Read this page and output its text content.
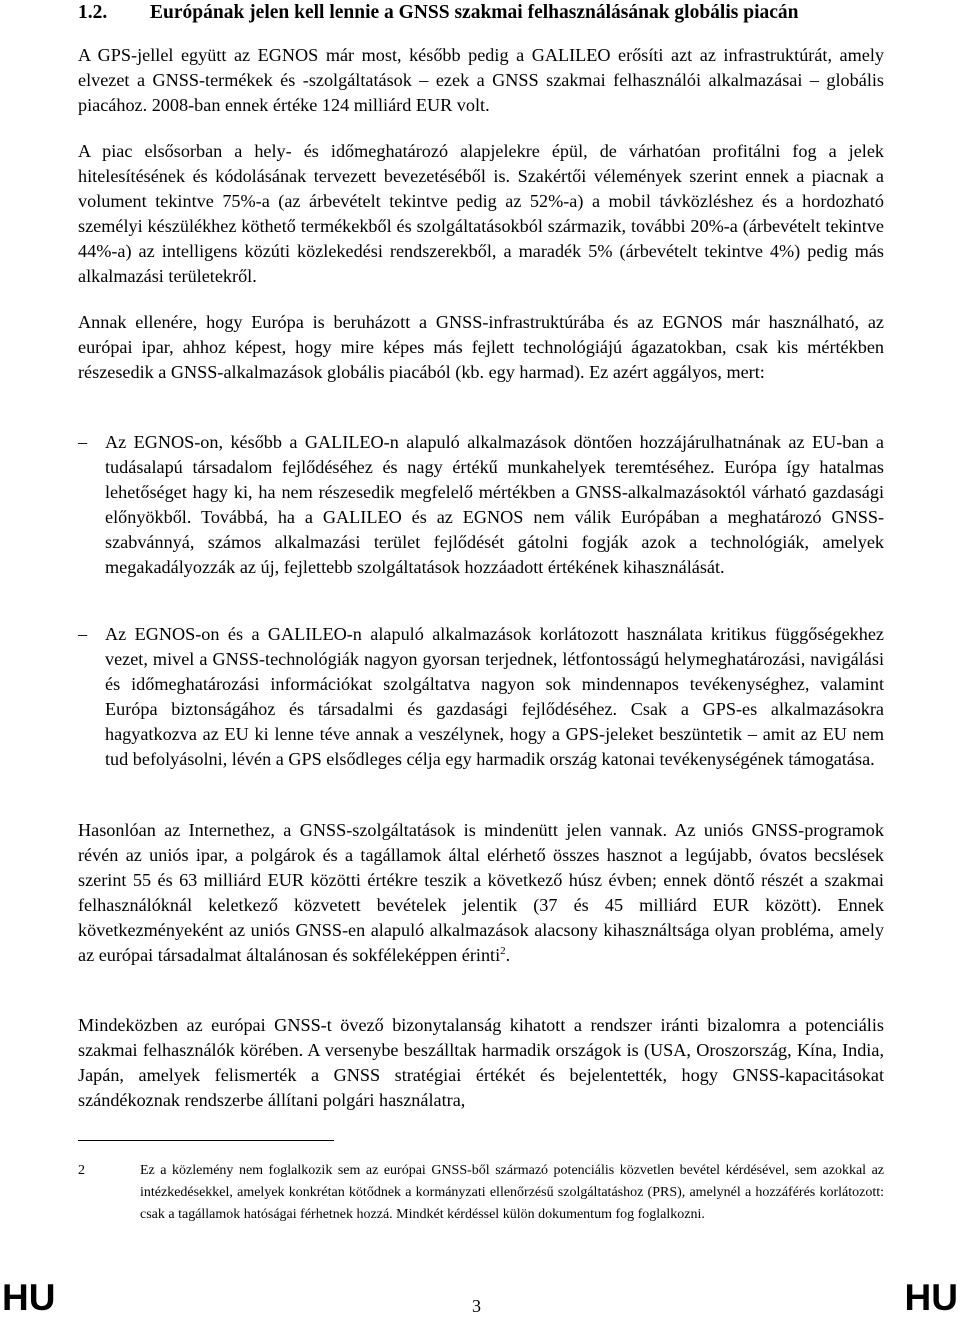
1.2. Európának jelen kell lennie a GNSS szakmai felhasználásának globális piacán
A GPS-jellel együtt az EGNOS már most, később pedig a GALILEO erősíti azt az infrastruktúrát, amely elvezet a GNSS-termékek és -szolgáltatások – ezek a GNSS szakmai felhasználói alkalmazásai – globális piacához. 2008-ban ennek értéke 124 milliárd EUR volt.
A piac elsősorban a hely- és időmeghatározó alapjelekre épül, de várhatóan profitálni fog a jelek hitelesítésének és kódolásának tervezett bevezetéséből is. Szakértői vélemények szerint ennek a piacnak a volument tekintve 75%-a (az árbevételt tekintve pedig az 52%-a) a mobil távközléshez és a hordozható személyi készülékhez köthető termékekből és szolgáltatásokból származik, további 20%-a (árbevételt tekintve 44%-a) az intelligens közúti közlekedési rendszerekből, a maradék 5% (árbevételt tekintve 4%) pedig más alkalmazási területekről.
Annak ellenére, hogy Európa is beruházott a GNSS-infrastruktúrába és az EGNOS már használható, az európai ipar, ahhoz képest, hogy mire képes más fejlett technológiájú ágazatokban, csak kis mértékben részesedik a GNSS-alkalmazások globális piacából (kb. egy harmad). Ez azért aggályos, mert:
– Az EGNOS-on, később a GALILEO-n alapuló alkalmazások döntően hozzájárulhatnának az EU-ban a tudásalapú társadalom fejlődéséhez és nagy értékű munkahelyek teremtéséhez. Európa így hatalmas lehetőséget hagy ki, ha nem részesedik megfelelő mértékben a GNSS-alkalmazásoktól várható gazdasági előnyökből. Továbbá, ha a GALILEO és az EGNOS nem válik Európában a meghatározó GNSS-szabvánnyá, számos alkalmazási terület fejlődését gátolni fogják azok a technológiák, amelyek megakadályozzák az új, fejlettebb szolgáltatások hozzáadott értékének kihasználását.
– Az EGNOS-on és a GALILEO-n alapuló alkalmazások korlátozott használata kritikus függőségekhez vezet, mivel a GNSS-technológiák nagyon gyorsan terjednek, létfontosságú helymeghatározási, navigálási és időmeghatározási információkat szolgáltatva nagyon sok mindennapos tevékenységhez, valamint Európa biztonságához és társadalmi és gazdasági fejlődéséhez. Csak a GPS-es alkalmazásokra hagyatkozva az EU ki lenne téve annak a veszélynek, hogy a GPS-jeleket beszüntetik – amit az EU nem tud befolyásolni, lévén a GPS elsődleges célja egy harmadik ország katonai tevékenységének támogatása.
Hasonlóan az Internethez, a GNSS-szolgáltatások is mindenütt jelen vannak. Az uniós GNSS-programok révén az uniós ipar, a polgárok és a tagállamok által elérhető összes hasznot a legújabb, óvatos becslések szerint 55 és 63 milliárd EUR közötti értékre teszik a következő húsz évben; ennek döntő részét a szakmai felhasználóknál keletkező közvetett bevételek jelentik (37 és 45 milliárd EUR között). Ennek következményeként az uniós GNSS-en alapuló alkalmazások alacsony kihasználtsága olyan probléma, amely az európai társadalmat általánosan és sokféleképpen érinti$^2$.
Mindeközben az európai GNSS-t övező bizonytalanság kihatott a rendszer iránti bizalomra a potenciális szakmai felhasználók körében. A versenybe beszálltak harmadik országok is (USA, Oroszország, Kína, India, Japán, amelyek felismerték a GNSS stratégiai értékét és bejelentették, hogy GNSS-kapacitásokat szándékoznak rendszerbe állítani polgári használatra,
2	Ez a közlemény nem foglalkozik sem az európai GNSS-ből származó potenciális közvetlen bevétel kérdésével, sem azokkal az intézkedésekkel, amelyek konkrétan kötődnek a kormányzati ellenőrzésű szolgáltatáshoz (PRS), amelynél a hozzáférés korlátozott: csak a tagállamok hatóságai férhetnek hozzá. Mindkét kérdéssel külön dokumentum fog foglalkozni.
HU	3	HU
